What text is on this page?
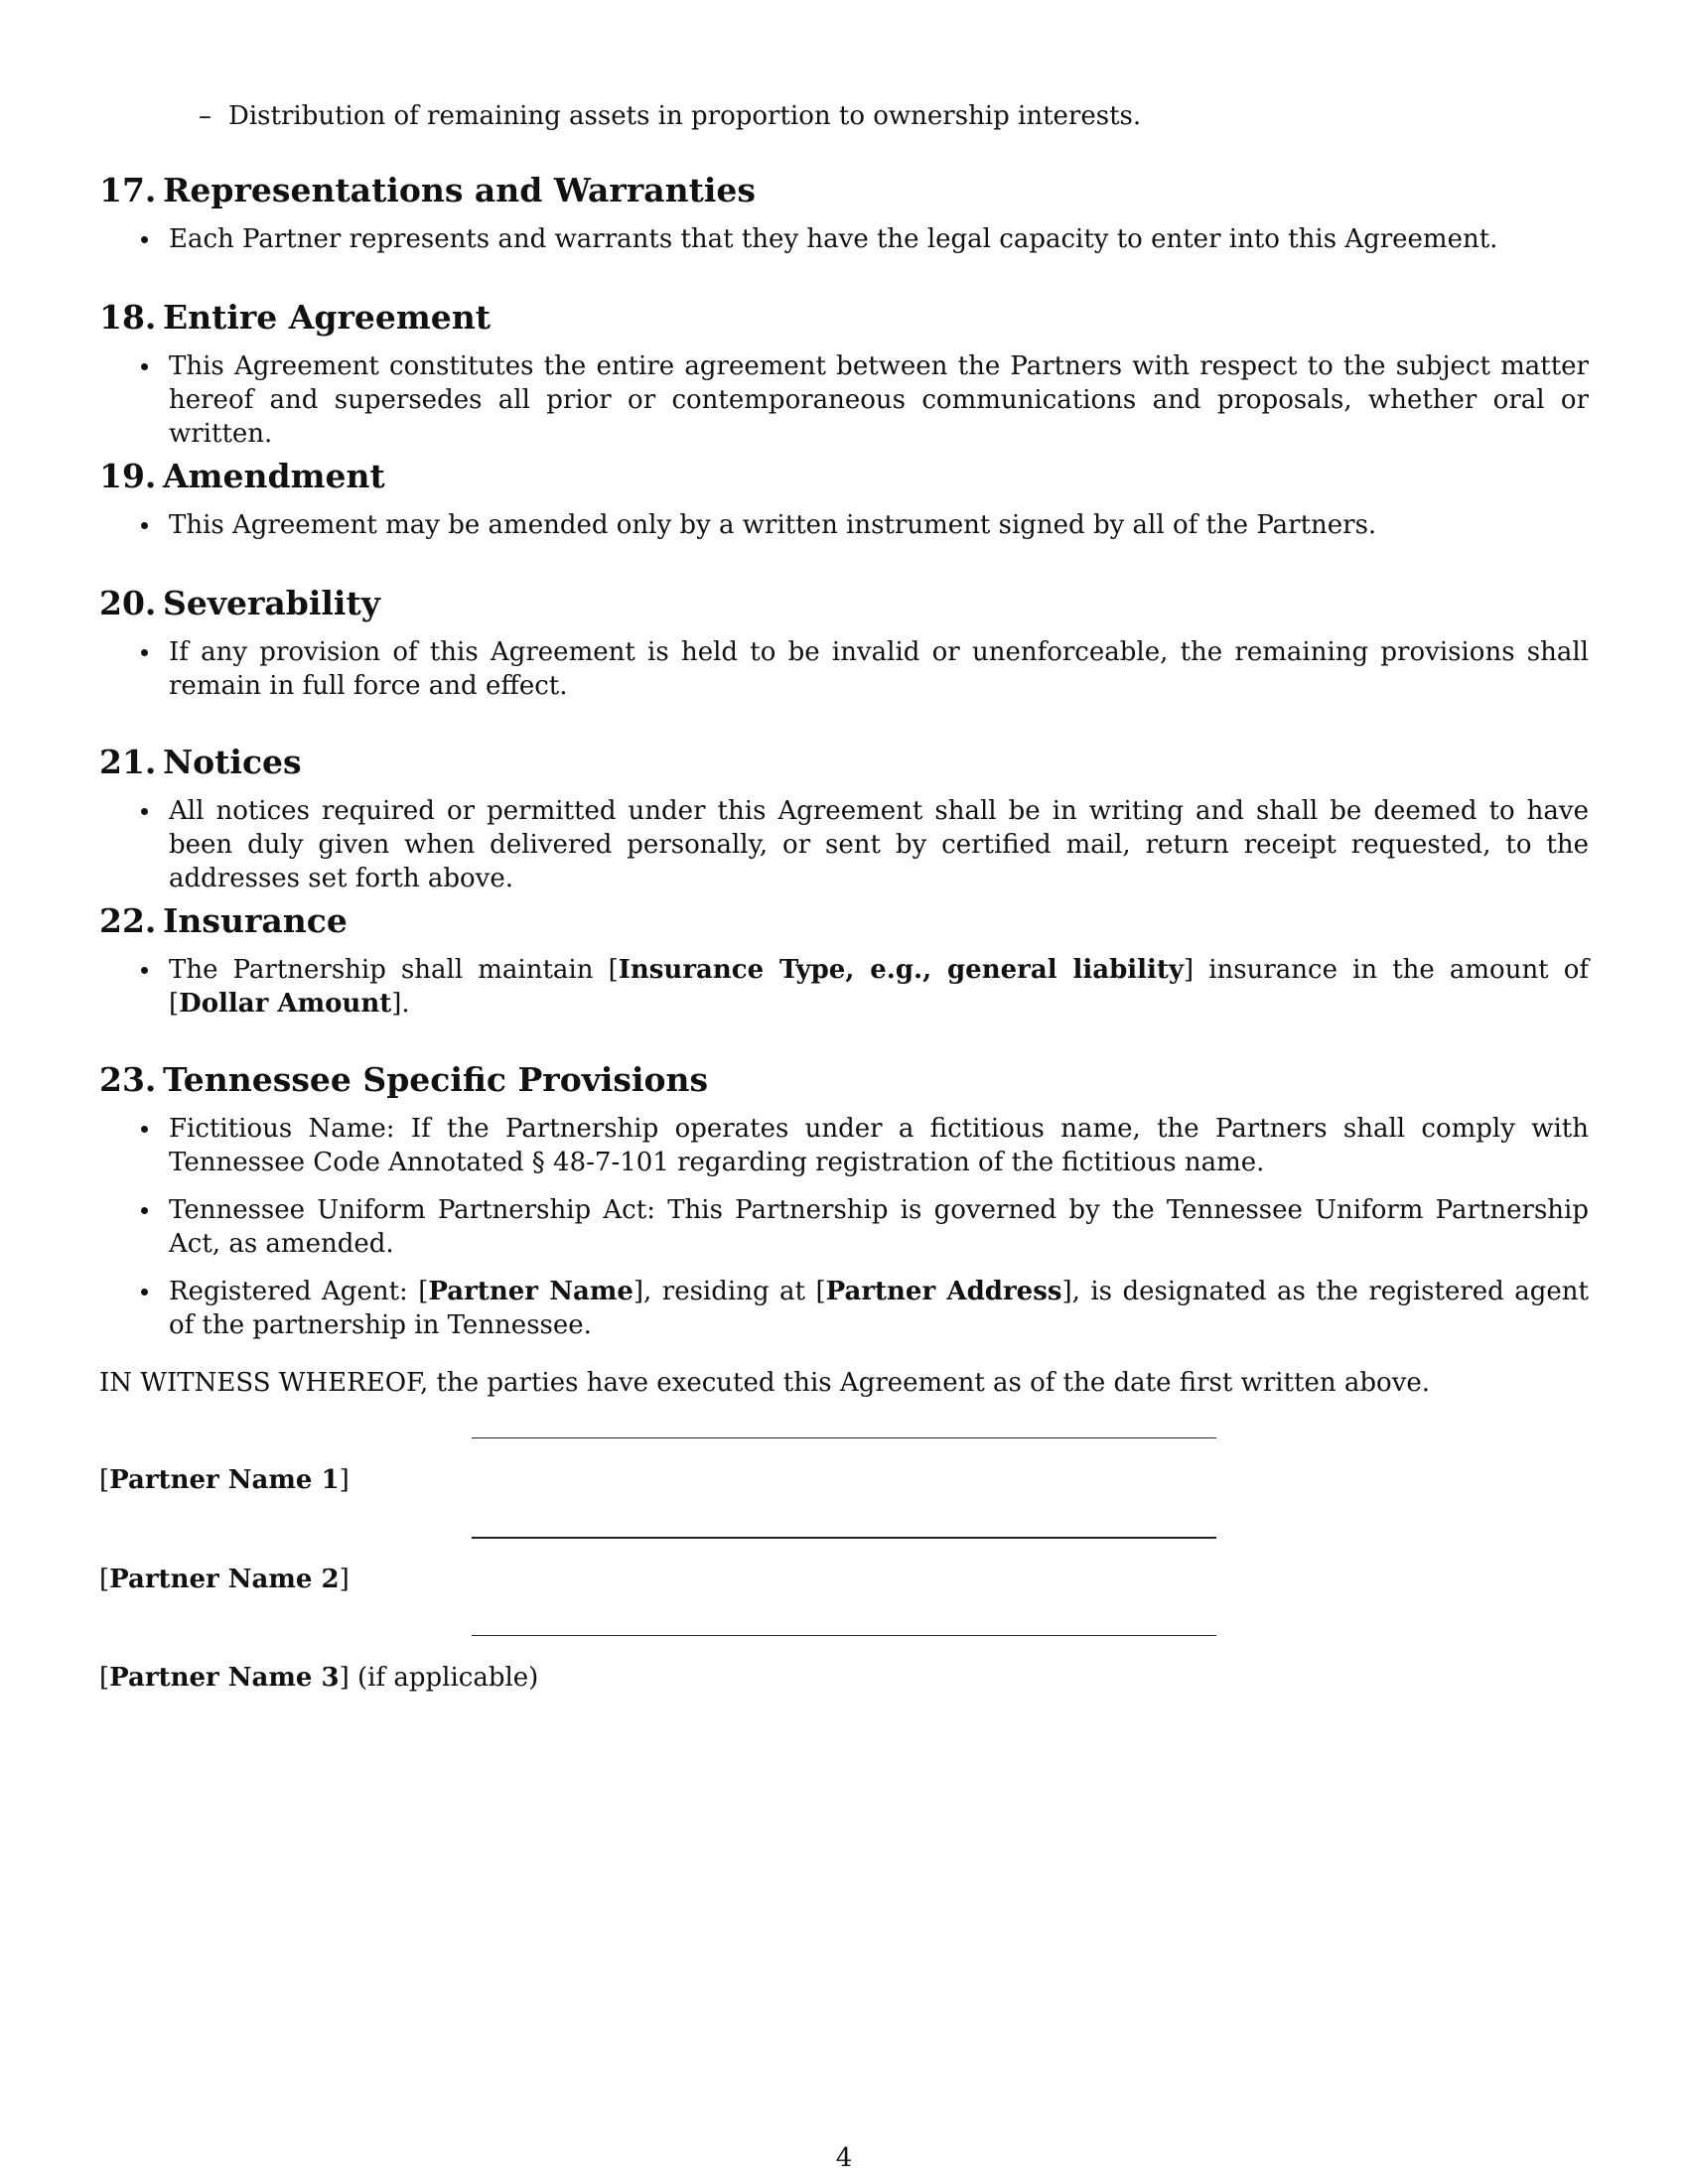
– Distribution of remaining assets in proportion to ownership interests.
17. Representations and Warranties
Each Partner represents and warrants that they have the legal capacity to enter into this Agreement.
18. Entire Agreement
This Agreement constitutes the entire agreement between the Partners with respect to the subject matter hereof and supersedes all prior or contemporaneous communications and proposals, whether oral or written.
19. Amendment
This Agreement may be amended only by a written instrument signed by all of the Partners.
20. Severability
If any provision of this Agreement is held to be invalid or unenforceable, the remaining provisions shall remain in full force and effect.
21. Notices
All notices required or permitted under this Agreement shall be in writing and shall be deemed to have been duly given when delivered personally, or sent by certified mail, return receipt requested, to the addresses set forth above.
22. Insurance
The Partnership shall maintain [Insurance Type, e.g., general liability] insurance in the amount of [Dollar Amount].
23. Tennessee Specific Provisions
Fictitious Name: If the Partnership operates under a fictitious name, the Partners shall comply with Tennessee Code Annotated § 48-7-101 regarding registration of the fictitious name.
Tennessee Uniform Partnership Act: This Partnership is governed by the Tennessee Uniform Partnership Act, as amended.
Registered Agent: [Partner Name], residing at [Partner Address], is designated as the registered agent of the partnership in Tennessee.
IN WITNESS WHEREOF, the parties have executed this Agreement as of the date first written above.
[Partner Name 1]
[Partner Name 2]
[Partner Name 3] (if applicable)
4
